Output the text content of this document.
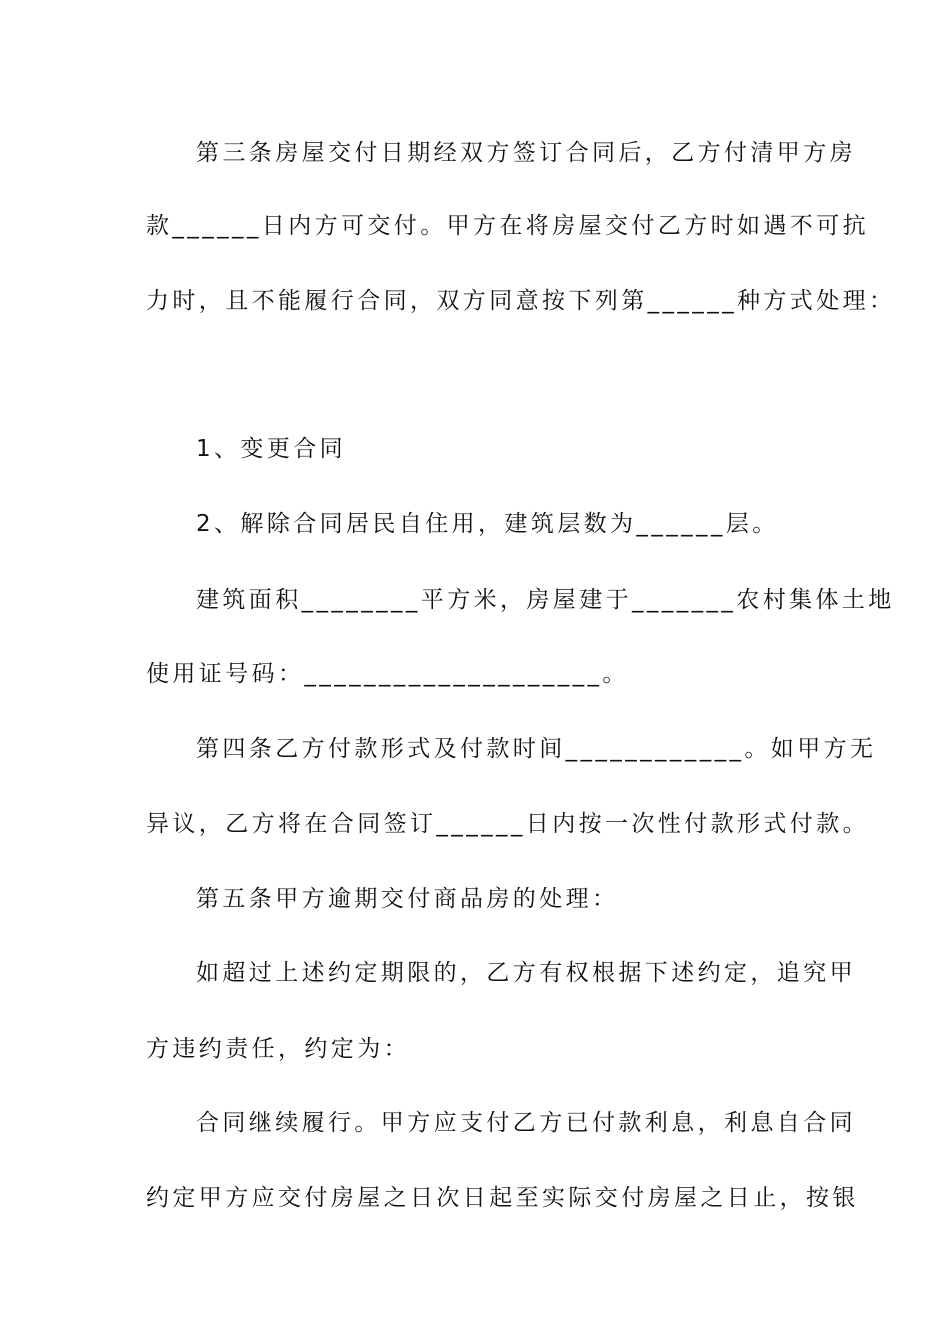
第三条房屋交付日期经双方签订合同后，乙方付清甲方房
款______日内方可交付。甲方在将房屋交付乙方时如遇不可抗
力时，且不能履行合同，双方同意按下列第______种方式处理：
1、变更合同
2、解除合同居民自住用，建筑层数为______层。
建筑面积________平方米，房屋建于_______农村集体土地
使用证号码：____________________。
第四条乙方付款形式及付款时间____________。如甲方无
异议，乙方将在合同签订______日内按一次性付款形式付款。
第五条甲方逾期交付商品房的处理：
如超过上述约定期限的，乙方有权根据下述约定，追究甲
方违约责任，约定为：
合同继续履行。甲方应支付乙方已付款利息，利息自合同
约定甲方应交付房屋之日次日起至实际交付房屋之日止，按银
